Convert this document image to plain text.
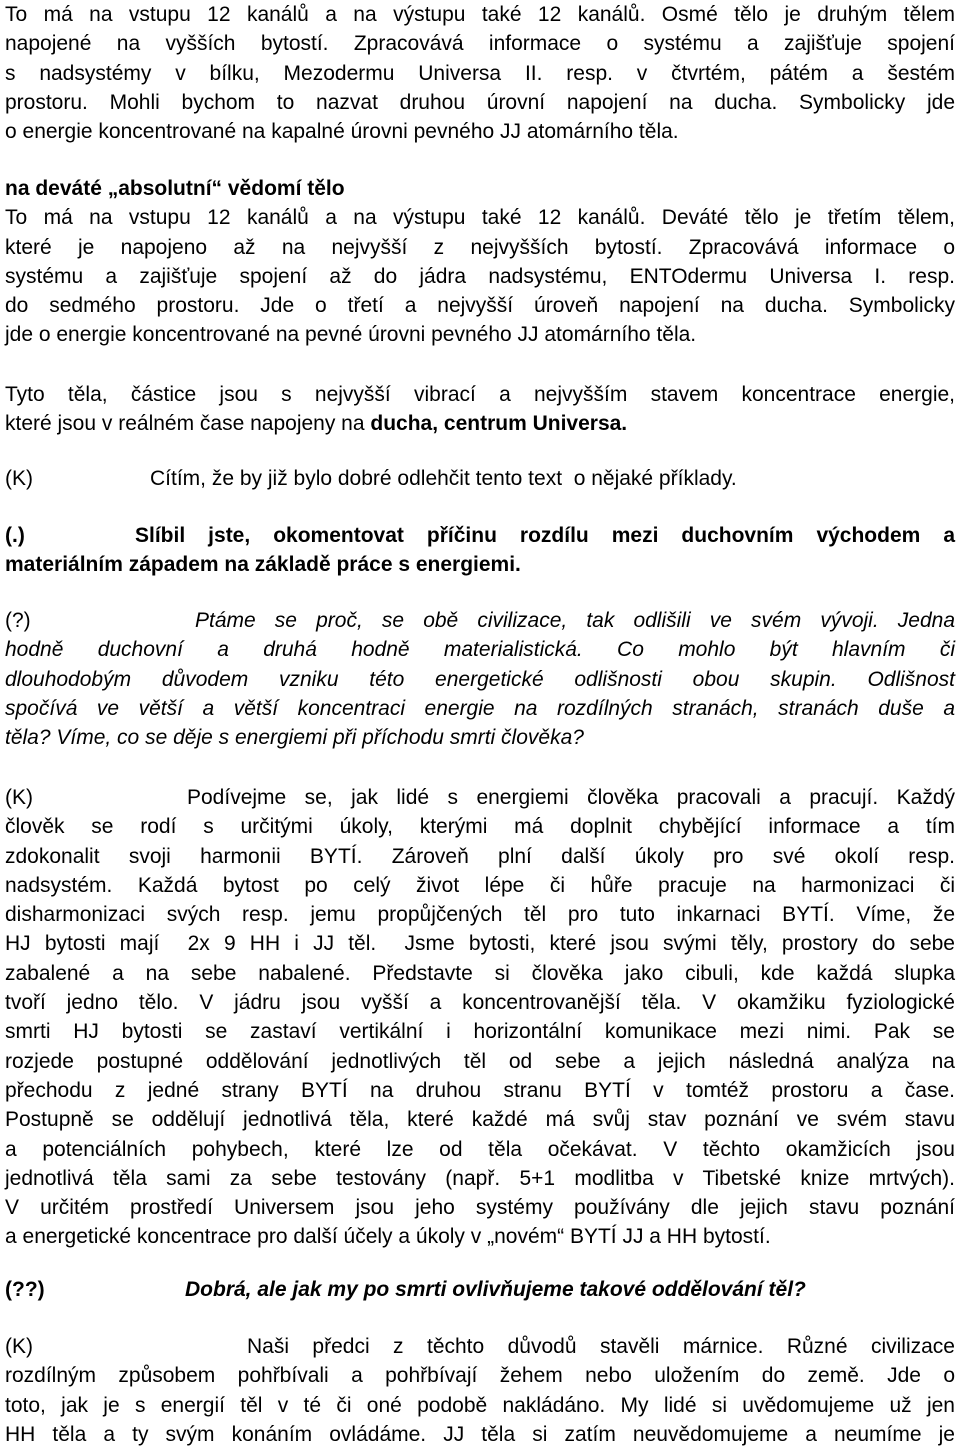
To má na vstupu 12 kanálů a na výstupu také 12 kanálů. Osmé tělo je druhým tělem
napojené na vyšších bytostí. Zpracovává informace o systému a zajišťuje spojení
s nadsystémy v bílku, Mezodermu Universa II. resp. v čtvrtém, pátém a šestém
prostoru. Mohli bychom to nazvat druhou úrovní napojení na ducha. Symbolicky jde
o energie koncentrované na kapalné úrovni pevného JJ atomárního těla.
na deváté „absolutní“ vědomí tělo
To má na vstupu 12 kanálů a na výstupu také 12 kanálů. Deváté tělo je třetím tělem,
které je napojeno až na nejvyšší z nejvyšších bytostí. Zpracovává informace o
systému a zajišťuje spojení až do jádra nadsystému, ENTOdermu Universa I. resp.
do sedmého prostoru. Jde o třetí a nejvyšší úroveň napojení na ducha. Symbolicky
jde o energie koncentrované na pevné úrovni pevného JJ atomárního těla.
Tyto těla, částice jsou s nejvyšší vibrací a nejvyšším stavem koncentrace energie,
které jsou v reálném čase napojeny na ducha, centrum Universa.
(K)	Cítím, že by již bylo dobré odlehčit tento text  o nějaké příklady.
(.)	Slíbil jste, okomentovat příčinu rozdílu mezi duchovním východem a
materiálním západem na základě práce s energiemi.
(?)	Ptáme se proč, se obě civilizace, tak odlišili ve svém vývoji. Jedna
hodně duchovní a druhá hodně materialistická. Co mohlo být hlavním či
dlouhodobým důvodem vzniku této energetické odlišnosti obou skupin. Odlišnost
spočívá ve větší a větší koncentraci energie na rozdílných stranách, stranách duše a
těla? Víme, co se děje s energiemi při příchodu smrti člověka?
(K)	Podívejme se, jak lidé s energiemi člověka pracovali a pracují. Každý
člověk se rodí s určitými úkoly, kterými má doplnit chybějící informace a tím
zdokonalit svoji harmonii BYTÍ. Zároveň plní další úkoly pro své okolí resp.
nadsystém. Každá bytost po celý život lépe či hůře pracuje na harmonizaci či
disharmonizaci svých resp. jemu propůjčených těl pro tuto inkarnaci BYTÍ. Víme, že
HJ bytosti mají  2x 9 HH i JJ těl.  Jsme bytosti, které jsou svými těly, prostory do sebe
zabalené a na sebe nabalené. Představte si člověka jako cibuli, kde každá slupka
tvoří jedno tělo. V jádru jsou vyšší a koncentrovanější těla. V okamžiku fyziologické
smrti HJ bytosti se zastaví vertikální i horizontální komunikace mezi nimi. Pak se
rozjede postupné oddělování jednotlivých těl od sebe a jejich následná analýza na
přechodu z jedné strany BYTÍ na druhou stranu BYTÍ v tomtéž prostoru a čase.
Postupně se oddělují jednotlivá těla, které každé má svůj stav poznání ve svém stavu
a potenciálních pohybech, které lze od těla očekávat. V těchto okamžicích jsou
jednotlivá těla sami za sebe testovány (např. 5+1 modlitba v Tibetské knize mrtvých).
V určitém prostředí Universem jsou jeho systémy používány dle jejich stavu poznání
a energetické koncentrace pro další účely a úkoly v „novém“ BYTÍ JJ a HH bytostí.
(??)	Dobrá, ale jak my po smrti ovlivňujeme takové oddělování těl?
(K)	Naši předci z těchto důvodů stavěli márnice. Různé civilizace
rozdílným způsobem pohřbívali a pohřbívají žehem nebo uložením do země. Jde o
toto, jak je s energií těl v té či oné podobě nakládáno. My lidé si uvědomujeme už jen
HH těla a ty svým konáním ovládáme. JJ těla si zatím neuvědomujeme a neumíme je
